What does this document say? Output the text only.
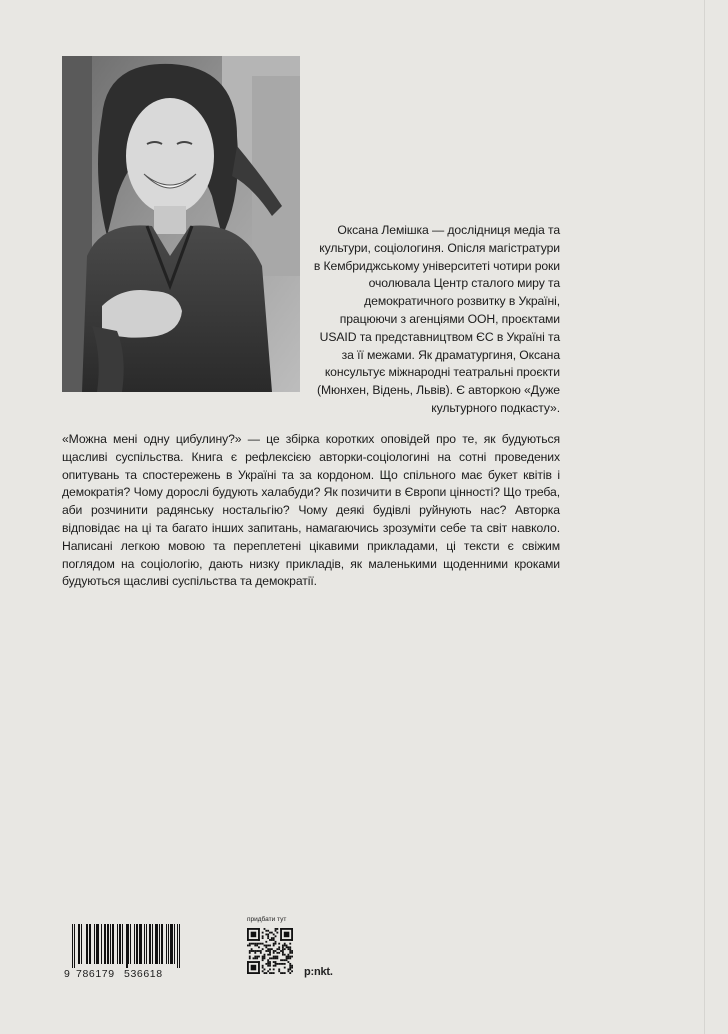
Оксана Лемішка — дослідниця медіа та культури, соціологиня. Опісля магістратури в Кембриджському університеті чотири роки очолювала Центр сталого миру та демократичного розвитку в Україні, працюючи з агенціями ООН, проєктами USAID та представництвом ЄС в Україні та за її межами. Як драматургиня, Оксана консультує міжнародні театральні проєкти (Мюнхен, Відень, Львів). Є авторкою «Дуже культурного подкасту».

«Можна мені одну цибулину?» — це збірка коротких оповідей про те, як будуються щасливі суспільства. Книга є рефлексією авторки-соціологині на сотні проведених опитувань та спостережень в Україні та за кордоном. Що спільного має букет квітів і демократія? Чому дорослі будують халабуди? Як позичити в Європи цінності? Що треба, аби розчинити радянську ностальгію? Чому деякі будівлі руйнують нас? Авторка відповідає на ці та багато інших запитань, намагаючись зрозуміти себе та світ навколо. Написані легкою мовою та переплетені цікавими прикладами, ці тексти є свіжим поглядом на соціологію, дають низку прикладів, як маленькими щоденними кроками будуються щасливі суспільства та демократії.

9 786179 536618
придбати тут
p:nkt.
